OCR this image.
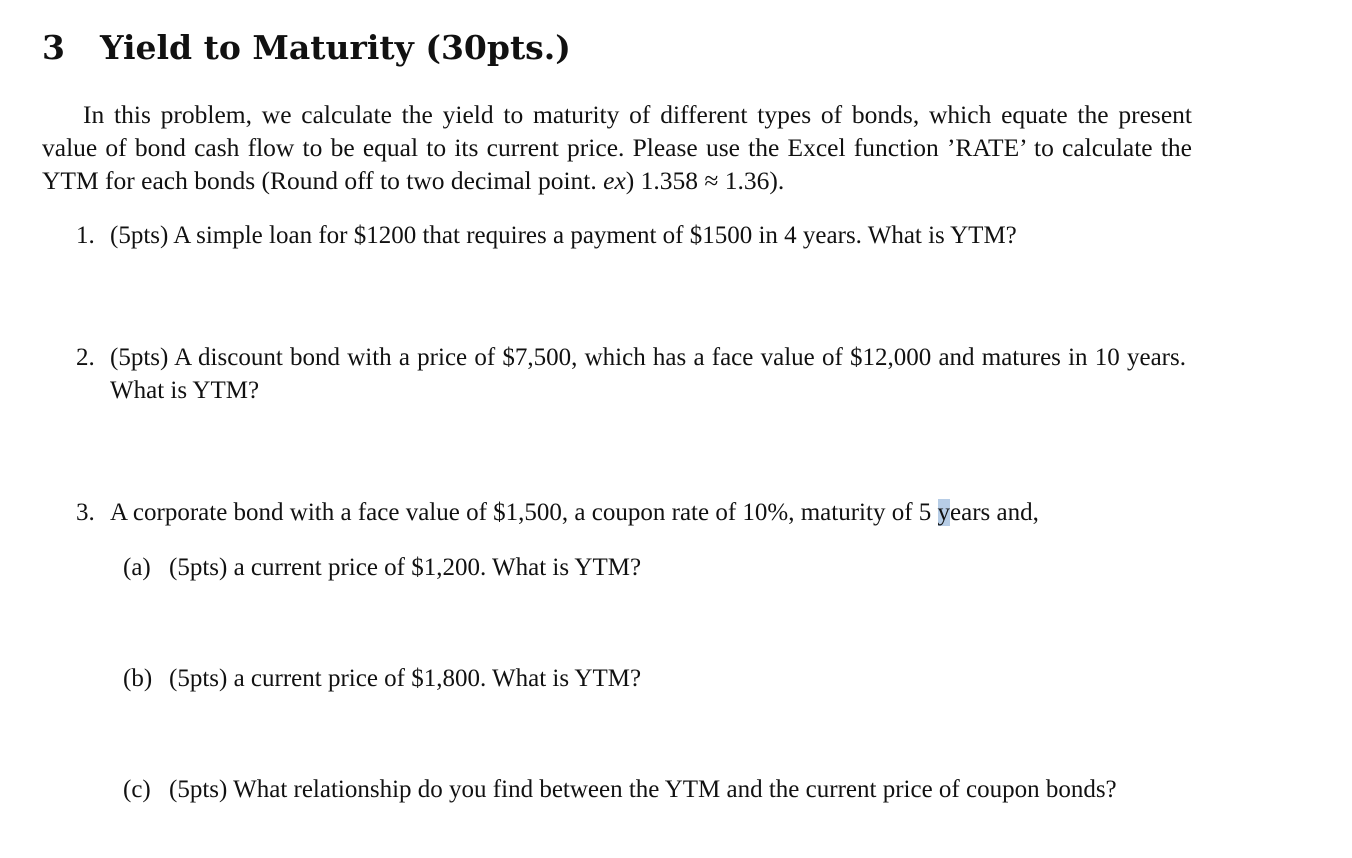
3 Yield to Maturity (30pts.)

In this problem, we calculate the yield to maturity of different types of bonds, which equate the present value of bond cash flow to be equal to its current price. Please use the Excel function ’RATE’ to calculate the YTM for each bonds (Round off to two decimal point. ex) 1.358 ≈ 1.36).

1. (5pts) A simple loan for $1200 that requires a payment of $1500 in 4 years. What is YTM?
2. (5pts) A discount bond with a price of $7,500, which has a face value of $12,000 and matures in 10 years. What is YTM?
3. A corporate bond with a face value of $1,500, a coupon rate of 10%, maturity of 5 years and,
(a) (5pts) a current price of $1,200. What is YTM?
(b) (5pts) a current price of $1,800. What is YTM?
(c) (5pts) What relationship do you find between the YTM and the current price of coupon bonds?
